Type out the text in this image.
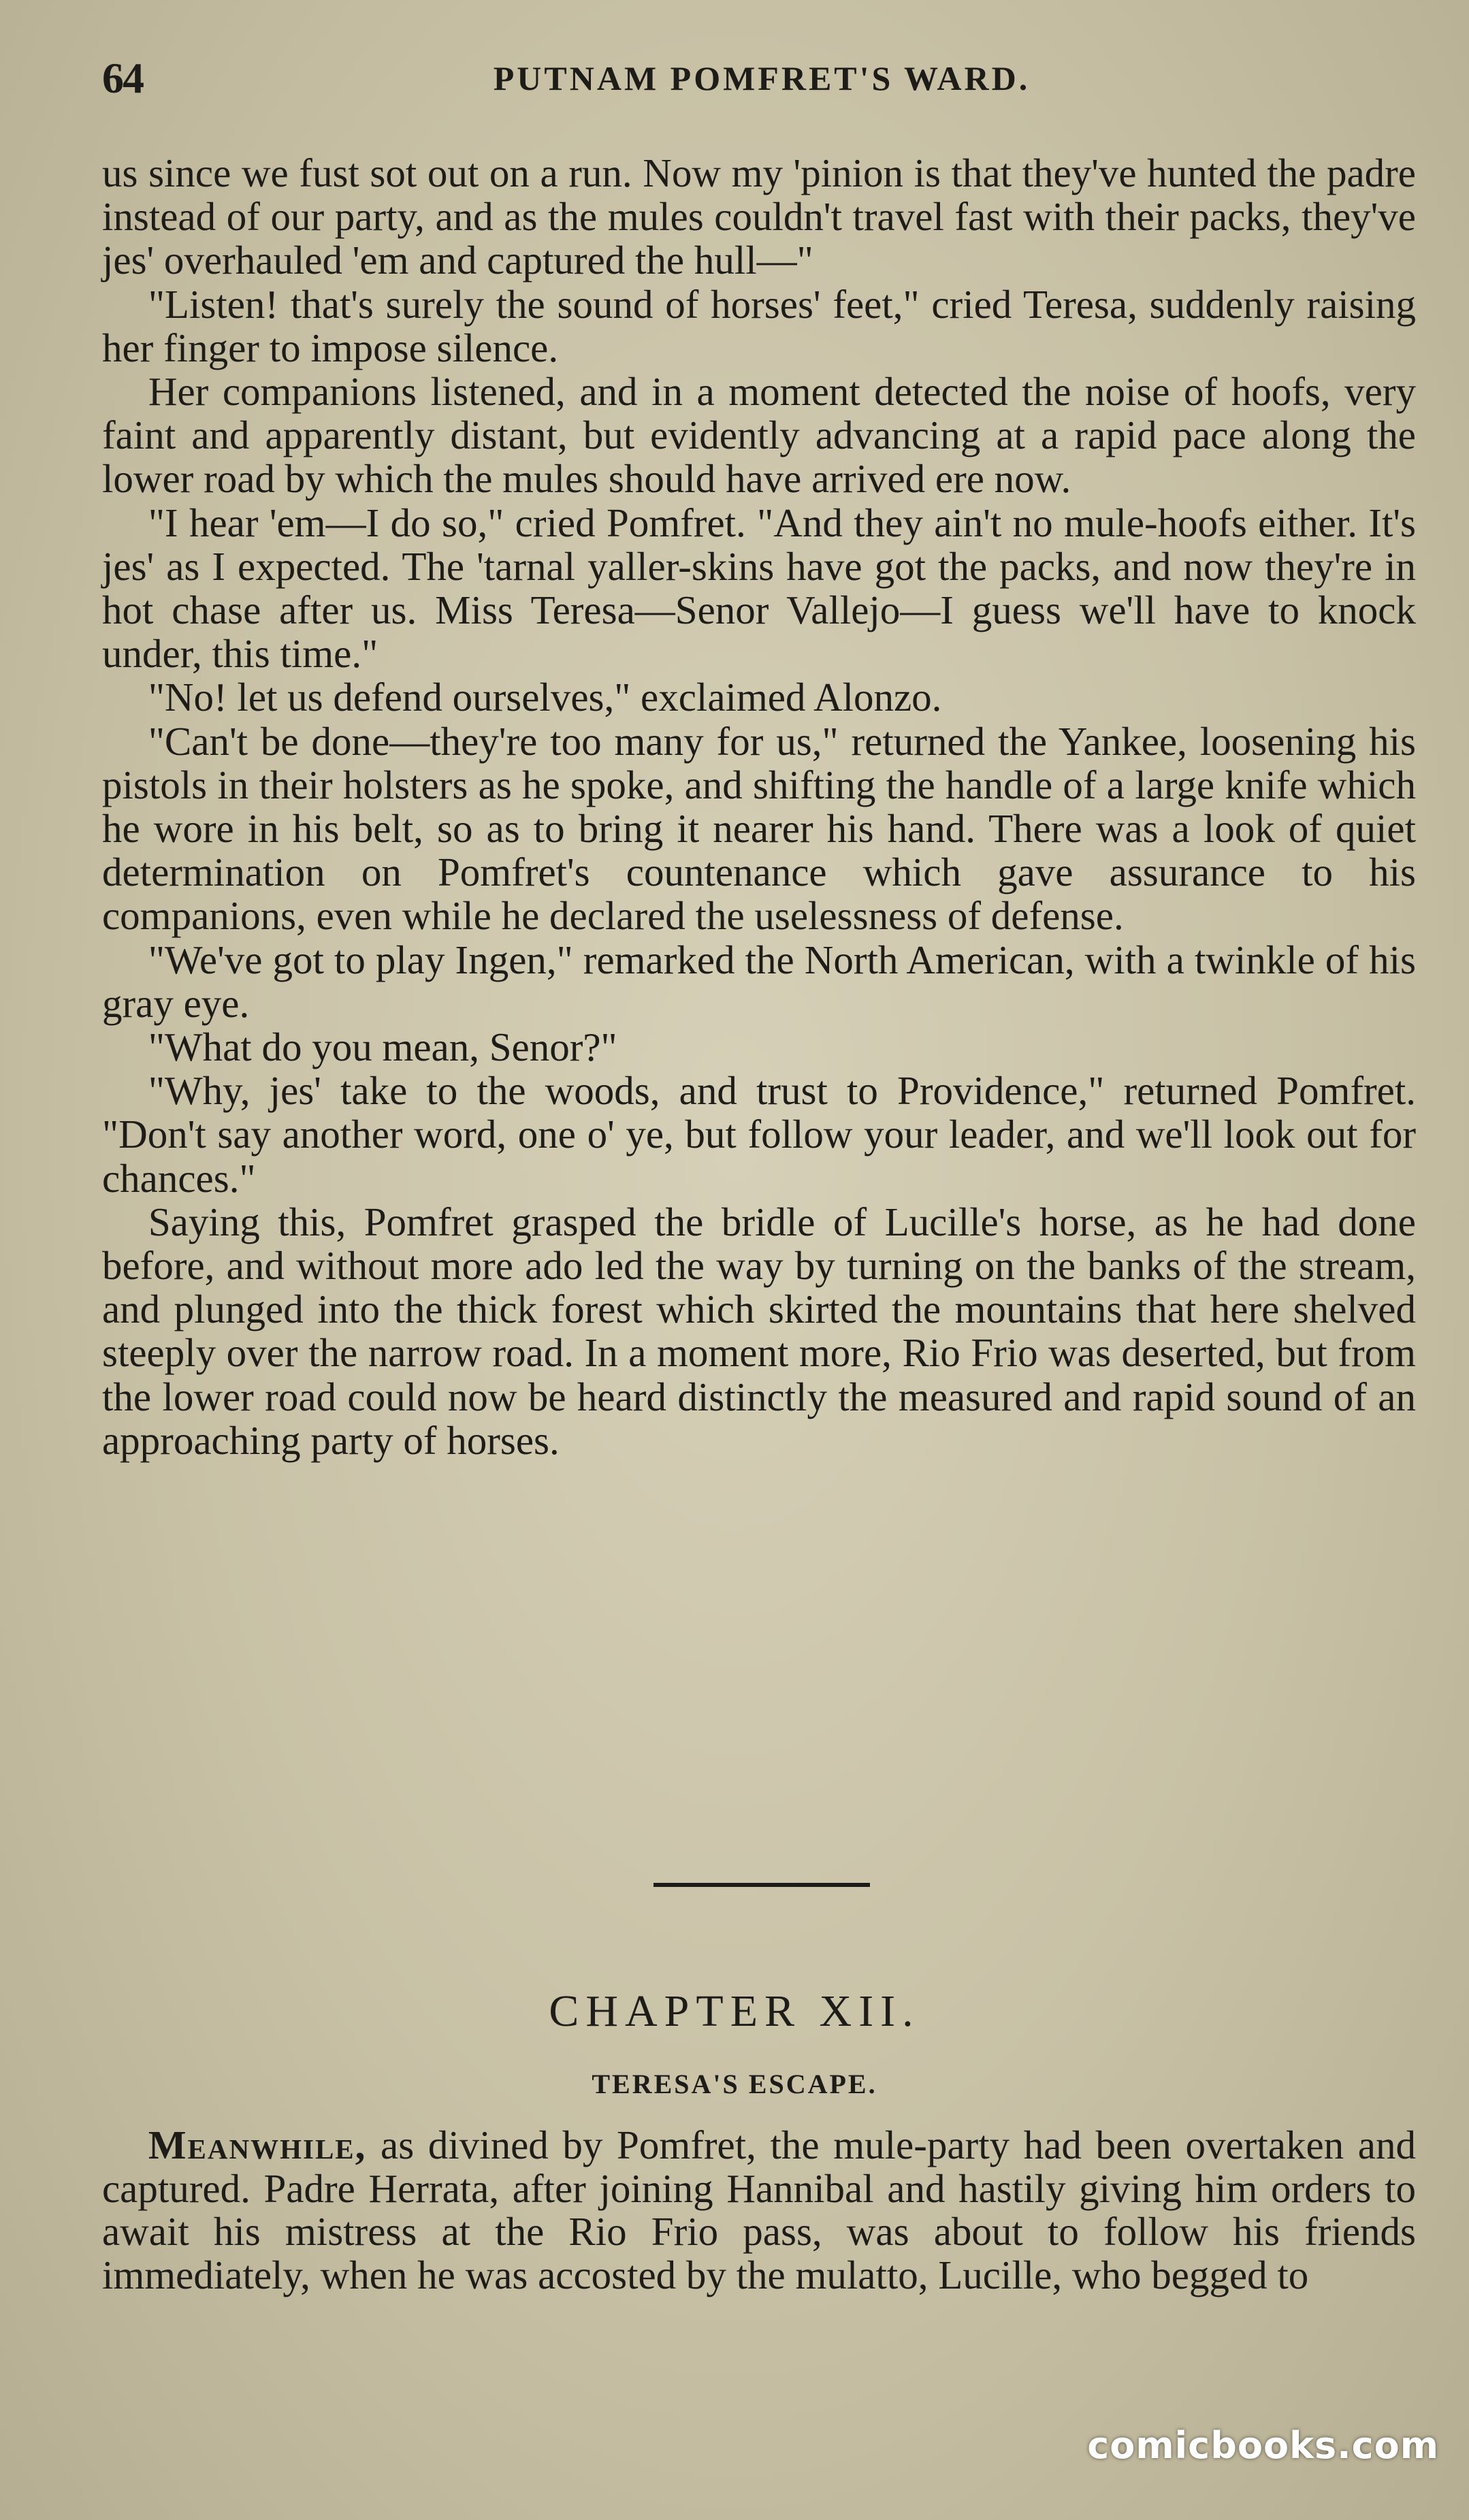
64	PUTNAM POMFRET'S WARD.

us since we fust sot out on a run. Now my 'pinion is that they've hunted the padre instead of our party, and as the mules couldn't travel fast with their packs, they've jes' overhauled 'em and captured the hull—"

"Listen! that's surely the sound of horses' feet," cried Teresa, suddenly raising her finger to impose silence.

Her companions listened, and in a moment detected the noise of hoofs, very faint and apparently distant, but evidently advancing at a rapid pace along the lower road by which the mules should have arrived ere now.

"I hear 'em—I do so," cried Pomfret. "And they ain't no mule-hoofs either. It's jes' as I expected. The 'tarnal yaller-skins have got the packs, and now they're in hot chase after us. Miss Teresa—Senor Vallejo—I guess we'll have to knock under, this time."

"No! let us defend ourselves," exclaimed Alonzo.

"Can't be done—they're too many for us," returned the Yankee, loosening his pistols in their holsters as he spoke, and shifting the handle of a large knife which he wore in his belt, so as to bring it nearer his hand. There was a look of quiet determination on Pomfret's countenance which gave assurance to his companions, even while he declared the uselessness of defense.

"We've got to play Ingen," remarked the North American, with a twinkle of his gray eye.

"What do you mean, Senor?"

"Why, jes' take to the woods, and trust to Providence," returned Pomfret. "Don't say another word, one o' ye, but follow your leader, and we'll look out for chances."

Saying this, Pomfret grasped the bridle of Lucille's horse, as he had done before, and without more ado led the way by turning on the banks of the stream, and plunged into the thick forest which skirted the mountains that here shelved steeply over the narrow road. In a moment more, Rio Frio was deserted, but from the lower road could now be heard distinctly the measured and rapid sound of an approaching party of horses.

CHAPTER XII.
TERESA'S ESCAPE.

Meanwhile, as divined by Pomfret, the mule-party had been overtaken and captured. Padre Herrata, after joining Hannibal and hastily giving him orders to await his mistress at the Rio Frio pass, was about to follow his friends immediately, when he was accosted by the mulatto, Lucille, who begged to

comicbooks.com
